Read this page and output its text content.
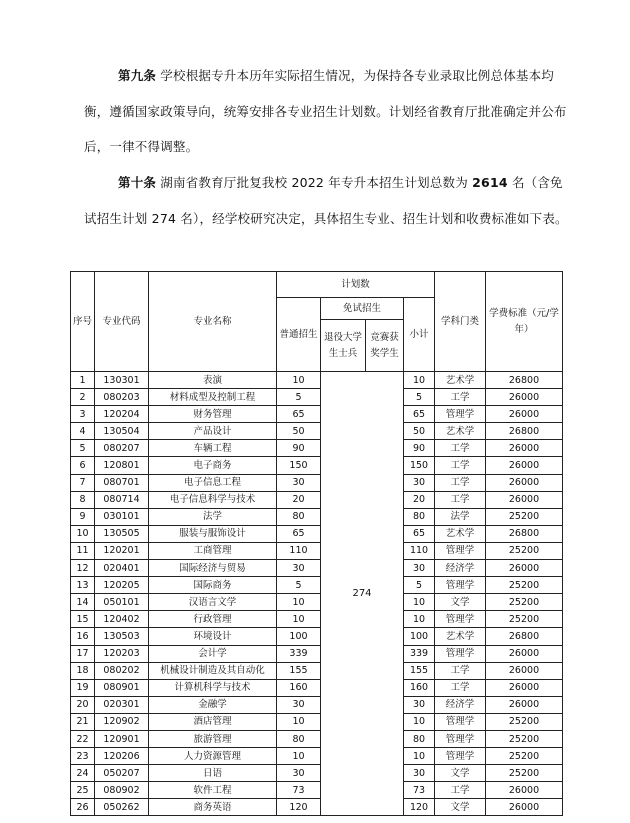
第九条 学校根据专升本历年实际招生情况，为保持各专业录取比例总体基本均衡，遵循国家政策导向，统筹安排各专业招生计划数。计划经省教育厅批准确定并公布后，一律不得调整。

第十条 湖南省教育厅批复我校 2022 年专升本招生计划总数为 2614 名（含免试招生计划 274 名），经学校研究决定，具体招生专业、招生计划和收费标准如下表。

序号	专业代码	专业名称	计划数				学科门类	学费标准（元/学年）
			普通招生	免试招生		小计		
				退役大学生士兵	竞赛获奖学生			
1	130301	表演	10	274		10	艺术学	26800
2	080203	材料成型及控制工程	5			5	工学	26000
3	120204	财务管理	65			65	管理学	26000
4	130504	产品设计	50			50	艺术学	26800
5	080207	车辆工程	90			90	工学	26000
6	120801	电子商务	150			150	工学	26000
7	080701	电子信息工程	30			30	工学	26000
8	080714	电子信息科学与技术	20			20	工学	26000
9	030101	法学	80			80	法学	25200
10	130505	服装与服饰设计	65			65	艺术学	26800
11	120201	工商管理	110			110	管理学	25200
12	020401	国际经济与贸易	30			30	经济学	26000
13	120205	国际商务	5			5	管理学	25200
14	050101	汉语言文学	10			10	文学	25200
15	120402	行政管理	10			10	管理学	25200
16	130503	环境设计	100			100	艺术学	26800
17	120203	会计学	339			339	管理学	26000
18	080202	机械设计制造及其自动化	155			155	工学	26000
19	080901	计算机科学与技术	160			160	工学	26000
20	020301	金融学	30			30	经济学	26000
21	120902	酒店管理	10			10	管理学	25200
22	120901	旅游管理	80			80	管理学	25200
23	120206	人力资源管理	10			10	管理学	25200
24	050207	日语	30			30	文学	25200
25	080902	软件工程	73			73	工学	26000
26	050262	商务英语	120			120	文学	26000
